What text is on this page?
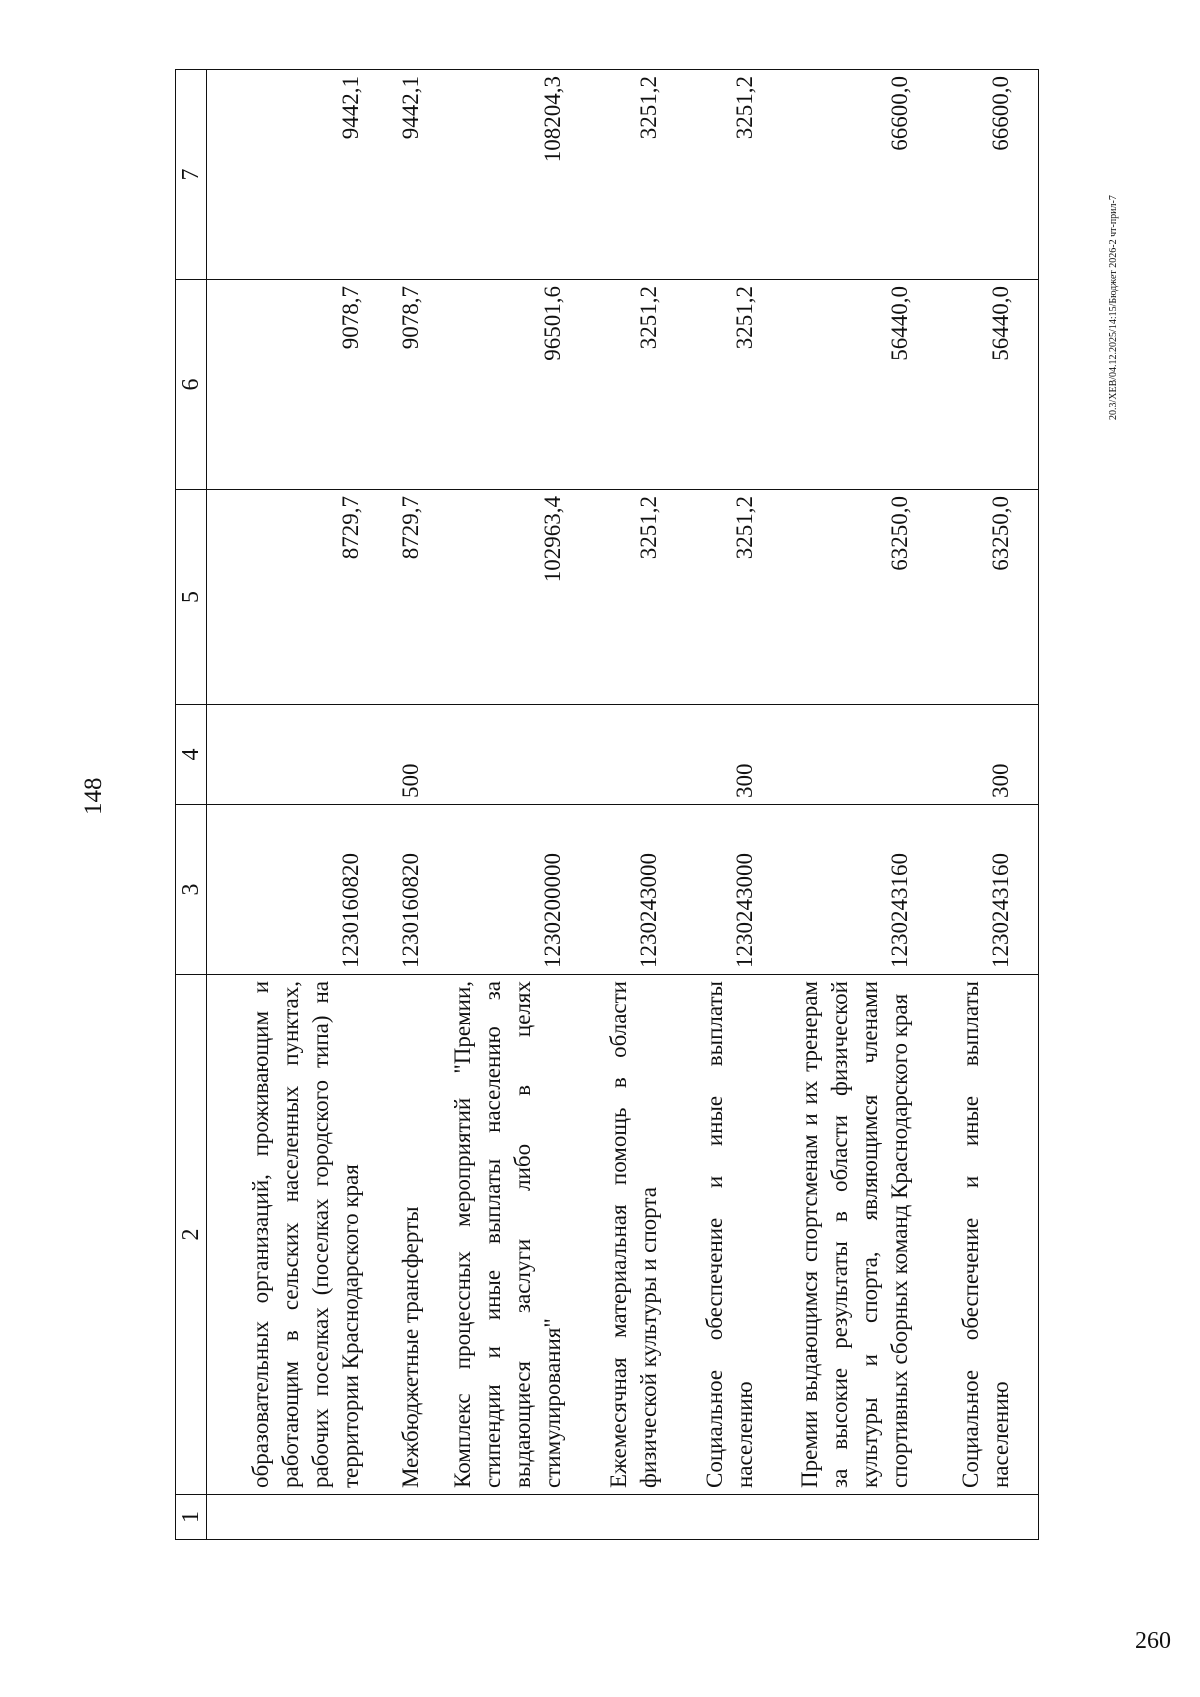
148
1	2	3	4	5	6	7
	образовательных организаций, проживающим и работающим в сельских населенных пунктах, рабочих поселках (поселках городского типа) на территории Краснодарского края	1230160820		8729,7	9078,7	9442,1
	Межбюджетные трансферты	1230160820	500	8729,7	9078,7	9442,1
	Комплекс процессных мероприятий "Премии, стипендии и иные выплаты населению за выдающиеся заслуги либо в целях стимулирования"	1230200000		102963,4	96501,6	108204,3
	Ежемесячная материальная помощь в области физической культуры и спорта	1230243000		3251,2	3251,2	3251,2
	Социальное обеспечение и иные выплаты населению	1230243000	300	3251,2	3251,2	3251,2
	Премии выдающимся спортсменам и их тренерам за высокие результаты в области физической культуры и спорта, являющимся членами спортивных сборных команд Краснодарского края	1230243160		63250,0	56440,0	66600,0
	Социальное обеспечение и иные выплаты населению	1230243160	300	63250,0	56440,0	66600,0
20.3/XEB/04.12.2025/14:15/Бюджет 2026-2 чт-прил-7
260
